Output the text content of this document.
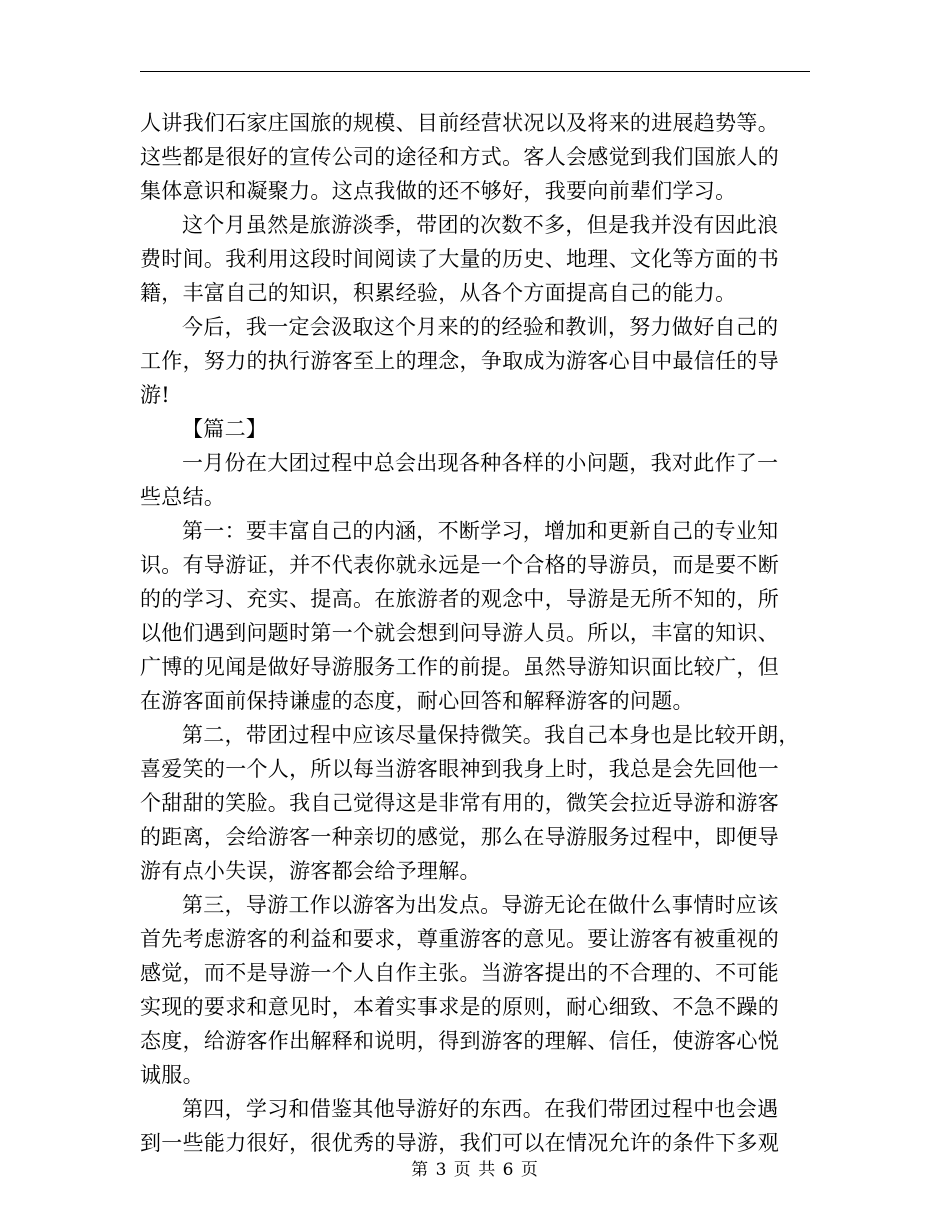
人讲我们石家庄国旅的规模、目前经营状况以及将来的进展趋势等。
这些都是很好的宣传公司的途径和方式。客人会感觉到我们国旅人的
集体意识和凝聚力。这点我做的还不够好，我要向前辈们学习。
这个月虽然是旅游淡季，带团的次数不多，但是我并没有因此浪
费时间。我利用这段时间阅读了大量的历史、地理、文化等方面的书
籍，丰富自己的知识，积累经验，从各个方面提高自己的能力。
今后，我一定会汲取这个月来的的经验和教训，努力做好自己的
工作，努力的执行游客至上的理念，争取成为游客心目中最信任的导
游!
【篇二】
一月份在大团过程中总会出现各种各样的小问题，我对此作了一
些总结。
第一：要丰富自己的内涵，不断学习，增加和更新自己的专业知
识。有导游证，并不代表你就永远是一个合格的导游员，而是要不断
的的学习、充实、提高。在旅游者的观念中，导游是无所不知的，所
以他们遇到问题时第一个就会想到问导游人员。所以，丰富的知识、
广博的见闻是做好导游服务工作的前提。虽然导游知识面比较广，但
在游客面前保持谦虚的态度，耐心回答和解释游客的问题。
第二，带团过程中应该尽量保持微笑。我自己本身也是比较开朗，
喜爱笑的一个人，所以每当游客眼神到我身上时，我总是会先回他一
个甜甜的笑脸。我自己觉得这是非常有用的，微笑会拉近导游和游客
的距离，会给游客一种亲切的感觉，那么在导游服务过程中，即便导
游有点小失误，游客都会给予理解。
第三，导游工作以游客为出发点。导游无论在做什么事情时应该
首先考虑游客的利益和要求，尊重游客的意见。要让游客有被重视的
感觉，而不是导游一个人自作主张。当游客提出的不合理的、不可能
实现的要求和意见时，本着实事求是的原则，耐心细致、不急不躁的
态度，给游客作出解释和说明，得到游客的理解、信任，使游客心悦
诚服。
第四，学习和借鉴其他导游好的东西。在我们带团过程中也会遇
到一些能力很好，很优秀的导游，我们可以在情况允许的条件下多观
第 3 页 共 6 页
